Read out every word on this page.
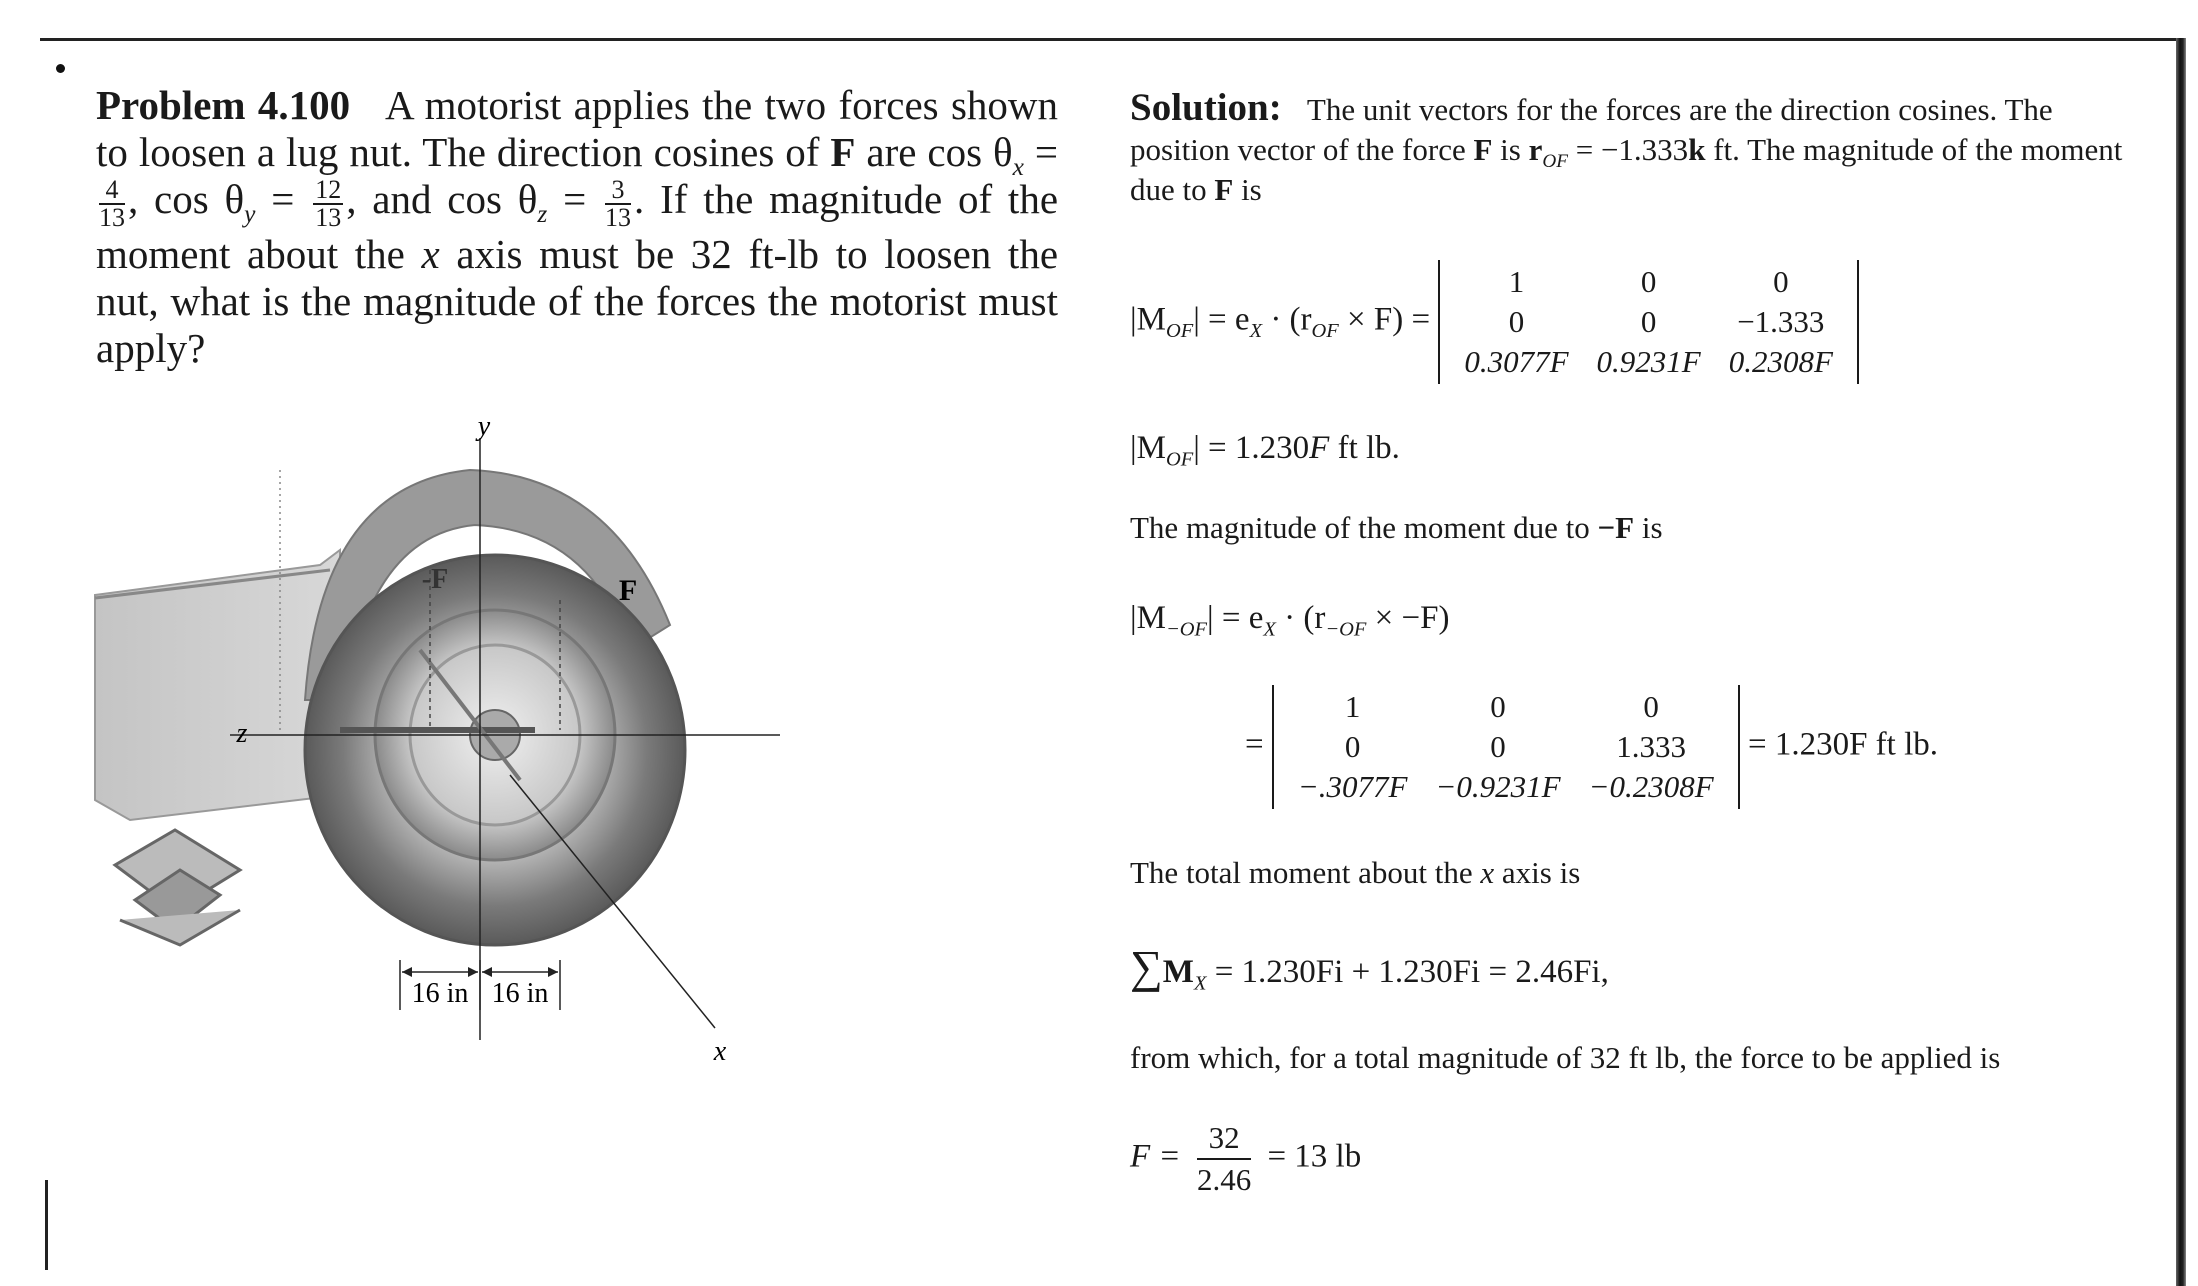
Problem 4.100 A motorist applies the two forces shown to loosen a lug nut. The direction cosines of F are $\cos \theta_x$ =
$\frac{4}{13}$ , $\cos \theta_y = \frac{12}{13}$ , and $\cos \theta_z = \frac{3}{13}$ . If the magnitude of the moment about the x axis must be 32 ft-lb to loosen the nut, what is the magnitude of the forces the motorist must apply?
y
z
x
-F	F
16 in 16 in
Solution: The unit vectors for the forces are the direction cosines. The position vector of the force F is $r_{OF} = -1.333k$ ft. The magnitude of the moment due to F is
$|M_{OF}| = e_X \cdot (r_{OF} \times F)$ =
1	0	0
0	0	−1.333
0.3077F	0.9231F	0.2308F
$|M_{OF}| = 1.230F$ ft lb.
The magnitude of the moment due to −F is
$|M_{-OF}| = e_X \cdot (r_{-OF} \times -F)$
=
1	0	0
0	0	1.333
−.3077F	−0.9231F	−0.2308F
= 1.230F ft lb.
The total moment about the x axis is
$\sum M_X = 1.230Fi + 1.230Fi = 2.46Fi$,
from which, for a total magnitude of 32 ft lb, the force to be applied is
$F = \frac{32}{2.46} = 13$ lb
